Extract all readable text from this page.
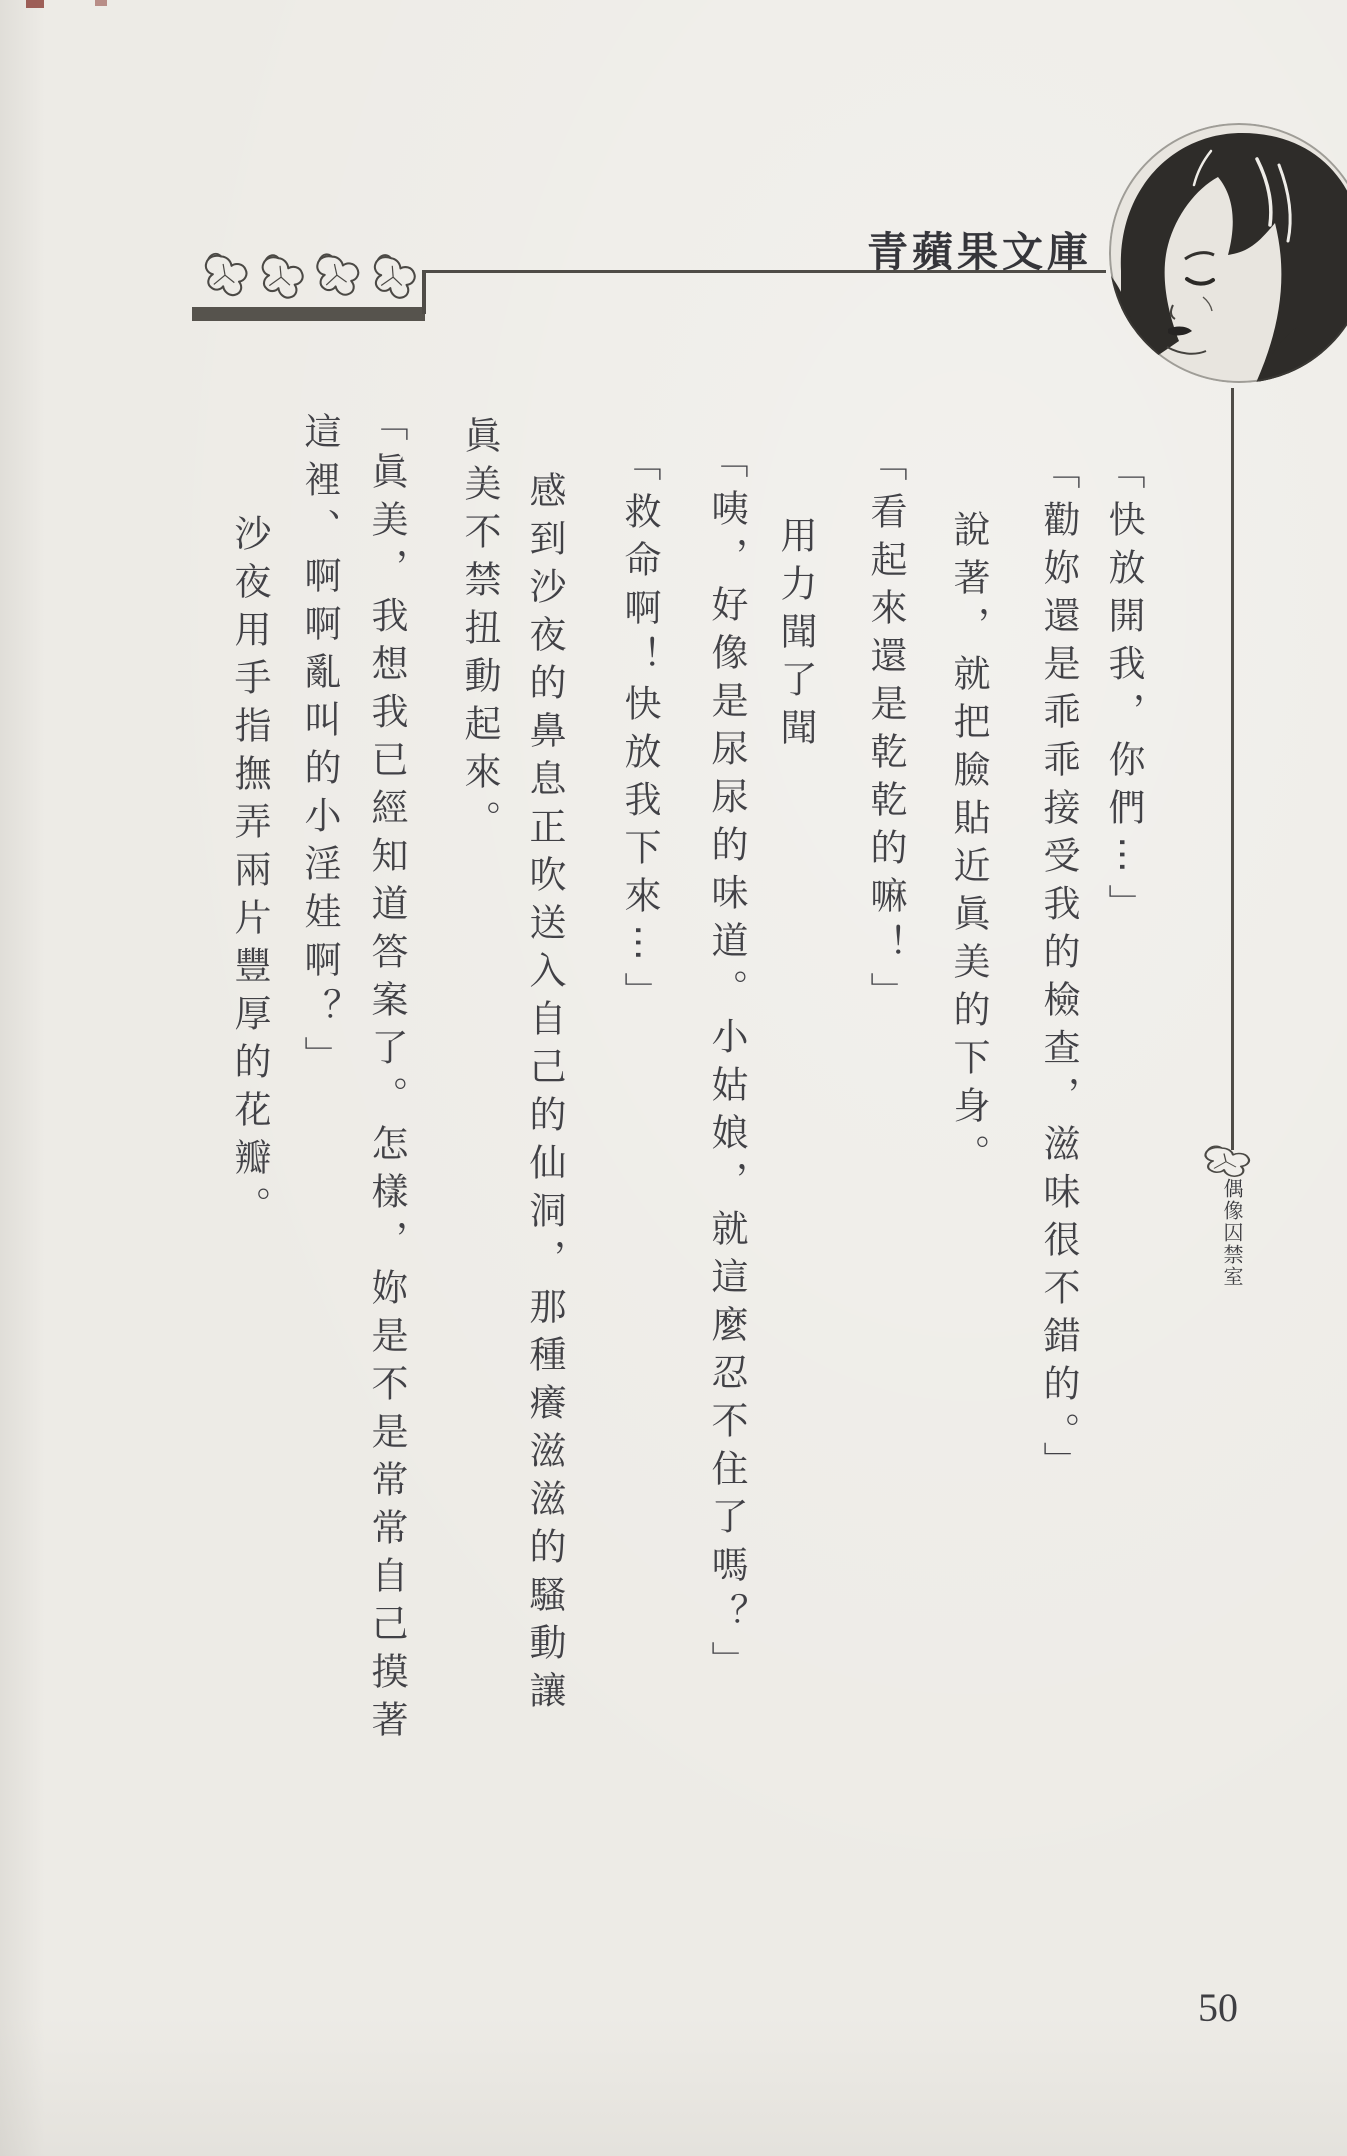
青蘋果文庫
偶像囚禁室
「快放開我，你們⋯」
「勸妳還是乖乖接受我的檢查，滋味很不錯的。」
說著，就把臉貼近眞美的下身。
「看起來還是乾乾的嘛！」
用力聞了聞
「咦，好像是尿尿的味道。小姑娘，就這麼忍不住了嗎？」
「救命啊！快放我下來⋯」
感到沙夜的鼻息正吹送入自己的仙洞，那種癢滋滋的騷動讓
眞美不禁扭動起來。
「眞美，我想我已經知道答案了。怎樣，妳是不是常常自己摸著
這裡、啊啊亂叫的小淫娃啊？」
沙夜用手指撫弄兩片豐厚的花瓣。
50
